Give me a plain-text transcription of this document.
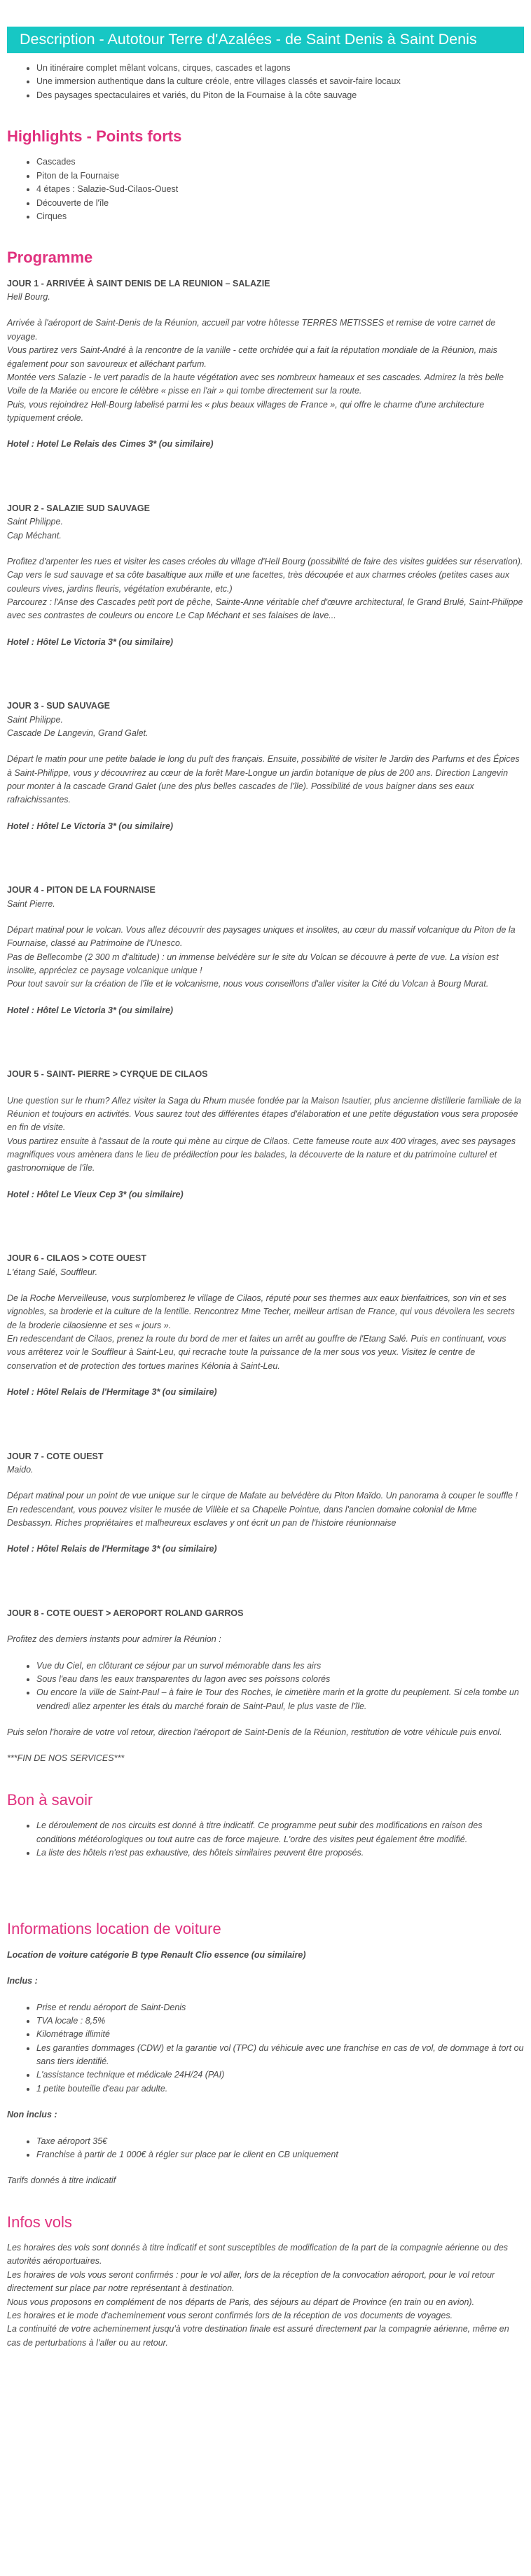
Description - Autotour Terre d'Azalées - de Saint Denis à Saint Denis
• Un itinéraire complet mêlant volcans, cirques, cascades et lagons
• Une immersion authentique dans la culture créole, entre villages classés et savoir-faire locaux
• Des paysages spectaculaires et variés, du Piton de la Fournaise à la côte sauvage
Highlights - Points forts
• Cascades
• Piton de la Fournaise
• 4 étapes : Salazie-Sud-Cilaos-Ouest
• Découverte de l'île
• Cirques
Programme
JOUR 1 - ARRIVÉE À SAINT DENIS DE LA REUNION – SALAZIE
Hell Bourg.

Arrivée à l'aéroport de Saint-Denis de la Réunion, accueil par votre hôtesse TERRES METISSES et remise de votre carnet de voyage.

Vous partirez vers Saint-André à la rencontre de la vanille - cette orchidée qui a fait la réputation mondiale de la Réunion, mais également pour son savoureux et alléchant parfum.

Montée vers Salazie - le vert paradis de la haute végétation avec ses nombreux hameaux et ses cascades. Admirez la très belle Voile de la Mariée ou encore le célèbre « pisse en l'air » qui tombe directement sur la route.

Puis, vous rejoindrez Hell-Bourg labelisé parmi les « plus beaux villages de France », qui offre le charme d'une architecture typiquement créole.

Hotel : Hotel Le Relais des Cimes 3* (ou similaire)

JOUR 2 - SALAZIE SUD SAUVAGE
Saint Philippe.
Cap Méchant.

Profitez d'arpenter les rues et visiter les cases créoles du village d'Hell Bourg (possibilité de faire des visites guidées sur réservation).

Cap vers le sud sauvage et sa côte basaltique aux mille et une facettes, très découpée et aux charmes créoles (petites cases aux couleurs vives, jardins fleuris, végétation exubérante, etc.)

Parcourez : l'Anse des Cascades petit port de pêche, Sainte-Anne véritable chef d'œuvre architectural, le Grand Brulé, Saint-Philippe avec ses contrastes de couleurs ou encore Le Cap Méchant et ses falaises de lave...

Hotel : Hôtel Le Victoria 3* (ou similaire)

JOUR 3 - SUD SAUVAGE
Saint Philippe.
Cascade De Langevin, Grand Galet.

Départ le matin pour une petite balade le long du pult des français. Ensuite, possibilité de visiter le Jardin des Parfums et des Épices à Saint-Philippe, vous y découvrirez au cœur de la forêt Mare-Longue un jardin botanique de plus de 200 ans. Direction Langevin pour monter à la cascade Grand Galet (une des plus belles cascades de l'île). Possibilité de vous baigner dans ses eaux rafraichissantes.

Hotel : Hôtel Le Victoria 3* (ou similaire)

JOUR 4 - PITON DE LA FOURNAISE
Saint Pierre.

Départ matinal pour le volcan. Vous allez découvrir des paysages uniques et insolites, au cœur du massif volcanique du Piton de la Fournaise, classé au Patrimoine de l'Unesco.

Pas de Bellecombe (2 300 m d'altitude) : un immense belvédère sur le site du Volcan se découvre à perte de vue. La vision est insolite, appréciez ce paysage volcanique unique !

Pour tout savoir sur la création de l'île et le volcanisme, nous vous conseillons d'aller visiter la Cité du Volcan à Bourg Murat.

Hotel : Hôtel Le Victoria 3* (ou similaire)

JOUR 5 - SAINT- PIERRE > CYRQUE DE CILAOS

Une question sur le rhum? Allez visiter la Saga du Rhum musée fondée par la Maison Isautier, plus ancienne distillerie familiale de la Réunion et toujours en activités. Vous saurez tout des différentes étapes d'élaboration et une petite dégustation vous sera proposée en fin de visite.

Vous partirez ensuite à l'assaut de la route qui mène au cirque de Cilaos. Cette fameuse route aux 400 virages, avec ses paysages magnifiques vous amènera dans le lieu de prédilection pour les balades, la découverte de la nature et du patrimoine culturel et gastronomique de l'île.

Hotel : Hôtel Le Vieux Cep 3* (ou similaire)

JOUR 6 - CILAOS > COTE OUEST
L'étang Salé, Souffleur.

De la Roche Merveilleuse, vous surplomberez le village de Cilaos, réputé pour ses thermes aux eaux bienfaitrices, son vin et ses vignobles, sa broderie et la culture de la lentille. Rencontrez Mme Techer, meilleur artisan de France, qui vous dévoilera les secrets de la broderie cilaosienne et ses « jours ».

En redescendant de Cilaos, prenez la route du bord de mer et faites un arrêt au gouffre de l'Etang Salé. Puis en continuant, vous vous arrêterez voir le Souffleur à Saint-Leu, qui recrache toute la puissance de la mer sous vos yeux. Visitez le centre de conservation et de protection des tortues marines Kélonia à Saint-Leu.

Hotel : Hôtel Relais de l'Hermitage 3* (ou similaire)

JOUR 7 - COTE OUEST
Maido.

Départ matinal pour un point de vue unique sur le cirque de Mafate au belvédère du Piton Maïdo. Un panorama à couper le souffle !

En redescendant, vous pouvez visiter le musée de Villèle et sa Chapelle Pointue, dans l'ancien domaine colonial de Mme Desbassyn. Riches propriétaires et malheureux esclaves y ont écrit un pan de l'histoire réunionnaise

Hotel : Hôtel Relais de l'Hermitage 3* (ou similaire)

JOUR 8 - COTE OUEST > AEROPORT ROLAND GARROS

Profitez des derniers instants pour admirer la Réunion :

• Vue du Ciel, en clôturant ce séjour par un survol mémorable dans les airs
• Sous l'eau dans les eaux transparentes du lagon avec ses poissons colorés
• Ou encore la ville de Saint-Paul – à faire le Tour des Roches, le cimetière marin et la grotte du peuplement. Si cela tombe un vendredi allez arpenter les étals du marché forain de Saint-Paul, le plus vaste de l'île.

Puis selon l'horaire de votre vol retour, direction l'aéroport de Saint-Denis de la Réunion, restitution de votre véhicule puis envol.

***FIN DE NOS SERVICES***

Bon à savoir
• Le déroulement de nos circuits est donné à titre indicatif. Ce programme peut subir des modifications en raison des conditions météorologiques ou tout autre cas de force majeure. L'ordre des visites peut également être modifié.
• La liste des hôtels n'est pas exhaustive, des hôtels similaires peuvent être proposés.
Informations location de voiture

Location de voiture catégorie B type Renault Clio essence (ou similaire)

Inclus :

• Prise et rendu aéroport de Saint-Denis
• TVA locale : 8,5%
• Kilométrage illimité
• Les garanties dommages (CDW) et la garantie vol (TPC) du véhicule avec une franchise en cas de vol, de dommage à tort ou sans tiers identifié.
• L'assistance technique et médicale 24H/24 (PAI)
• 1 petite bouteille d'eau par adulte.

Non inclus :

• Taxe aéroport 35€
• Franchise à partir de 1 000€ à régler sur place par le client en CB uniquement

Tarifs donnés à titre indicatif

Infos vols

Les horaires des vols sont donnés à titre indicatif et sont susceptibles de modification de la part de la compagnie aérienne ou des autorités aéroportuaires.

Les horaires de vols vous seront confirmés : pour le vol aller, lors de la réception de la convocation aéroport, pour le vol retour directement sur place par notre représentant à destination.

Nous vous proposons en complément de nos départs de Paris, des séjours au départ de Province (en train ou en avion).

Les horaires et le mode d'acheminement vous seront confirmés lors de la réception de vos documents de voyages.

La continuité de votre acheminement jusqu'à votre destination finale est assuré directement par la compagnie aérienne, même en cas de perturbations à l'aller ou au retour.
